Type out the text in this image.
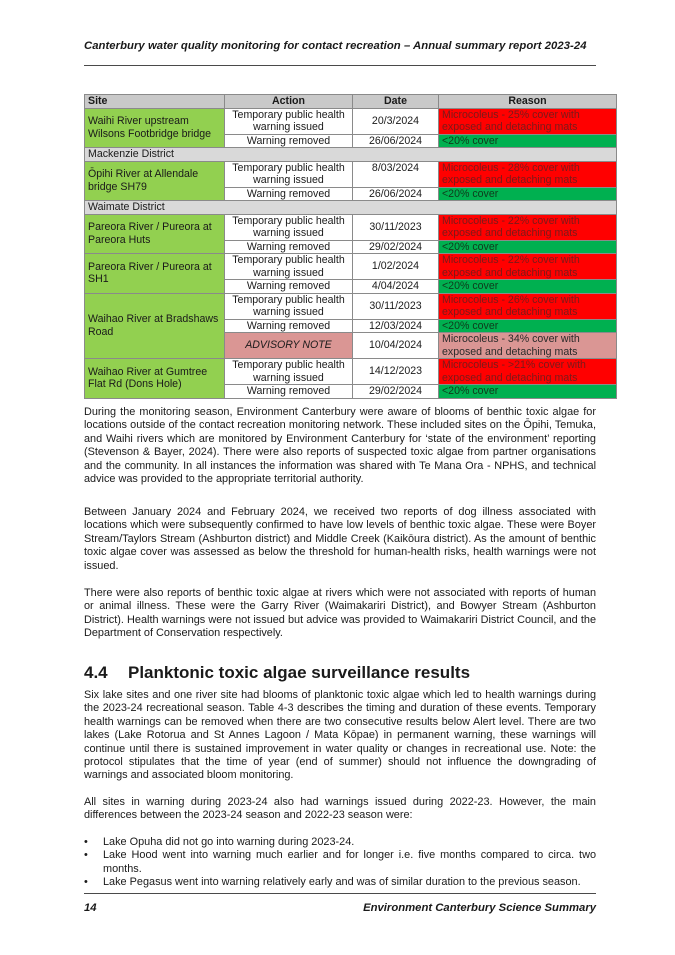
Canterbury water quality monitoring for contact recreation – Annual summary report 2023-24
Site	Action	Date	Reason
Waihi River upstream Wilsons Footbridge bridge	Temporary public health warning issued	20/3/2024	Microcoleus - 25% cover with exposed and detaching mats
	Warning removed	26/06/2024	<20% cover
Mackenzie District			
Ōpihi River at Allendale bridge SH79	Temporary public health warning issued	8/03/2024	Microcoleus - 28% cover with exposed and detaching mats
	Warning removed	26/06/2024	<20% cover
Waimate District			
Pareora River / Pureora at Pareora Huts	Temporary public health warning issued	30/11/2023	Microcoleus - 22% cover with exposed and detaching mats
	Warning removed	29/02/2024	<20% cover
Pareora River / Pureora at SH1	Temporary public health warning issued	1/02/2024	Microcoleus - 22% cover with exposed and detaching mats
	Warning removed	4/04/2024	<20% cover
Waihao River at Bradshaws Road	Temporary public health warning issued	30/11/2023	Microcoleus - 26% cover with exposed and detaching mats
	Warning removed	12/03/2024	<20% cover
	ADVISORY NOTE	10/04/2024	Microcoleus - 34% cover with exposed and detaching mats
Waihao River at Gumtree Flat Rd (Dons Hole)	Temporary public health warning issued	14/12/2023	Microcoleus - >21% cover with exposed and detaching mats
	Warning removed	29/02/2024	<20% cover

During the monitoring season, Environment Canterbury were aware of blooms of benthic toxic algae for locations outside of the contact recreation monitoring network. These included sites on the Ōpihi, Temuka, and Waihi rivers which are monitored by Environment Canterbury for ‘state of the environment’ reporting (Stevenson & Bayer, 2024). There were also reports of suspected toxic algae from partner organisations and the community. In all instances the information was shared with Te Mana Ora - NPHS, and technical advice was provided to the appropriate territorial authority.

Between January 2024 and February 2024, we received two reports of dog illness associated with locations which were subsequently confirmed to have low levels of benthic toxic algae. These were Boyer Stream/Taylors Stream (Ashburton district) and Middle Creek (Kaikōura district). As the amount of benthic toxic algae cover was assessed as below the threshold for human-health risks, health warnings were not issued.

There were also reports of benthic toxic algae at rivers which were not associated with reports of human or animal illness. These were the Garry River (Waimakariri District), and Bowyer Stream (Ashburton District). Health warnings were not issued but advice was provided to Waimakariri District Council, and the Department of Conservation respectively.

4.4 Planktonic toxic algae surveillance results

Six lake sites and one river site had blooms of planktonic toxic algae which led to health warnings during the 2023-24 recreational season. Table 4-3 describes the timing and duration of these events. Temporary health warnings can be removed when there are two consecutive results below Alert level. There are two lakes (Lake Rotorua and St Annes Lagoon / Mata Kōpae) in permanent warning, these warnings will continue until there is sustained improvement in water quality or changes in recreational use. Note: the protocol stipulates that the time of year (end of summer) should not influence the downgrading of warnings and associated bloom monitoring.

All sites in warning during 2023-24 also had warnings issued during 2022-23. However, the main differences between the 2023-24 season and 2022-23 season were:

• Lake Opuha did not go into warning during 2023-24.
• Lake Hood went into warning much earlier and for longer i.e. five months compared to circa. two months.
• Lake Pegasus went into warning relatively early and was of similar duration to the previous season.
14	Environment Canterbury Science Summary
